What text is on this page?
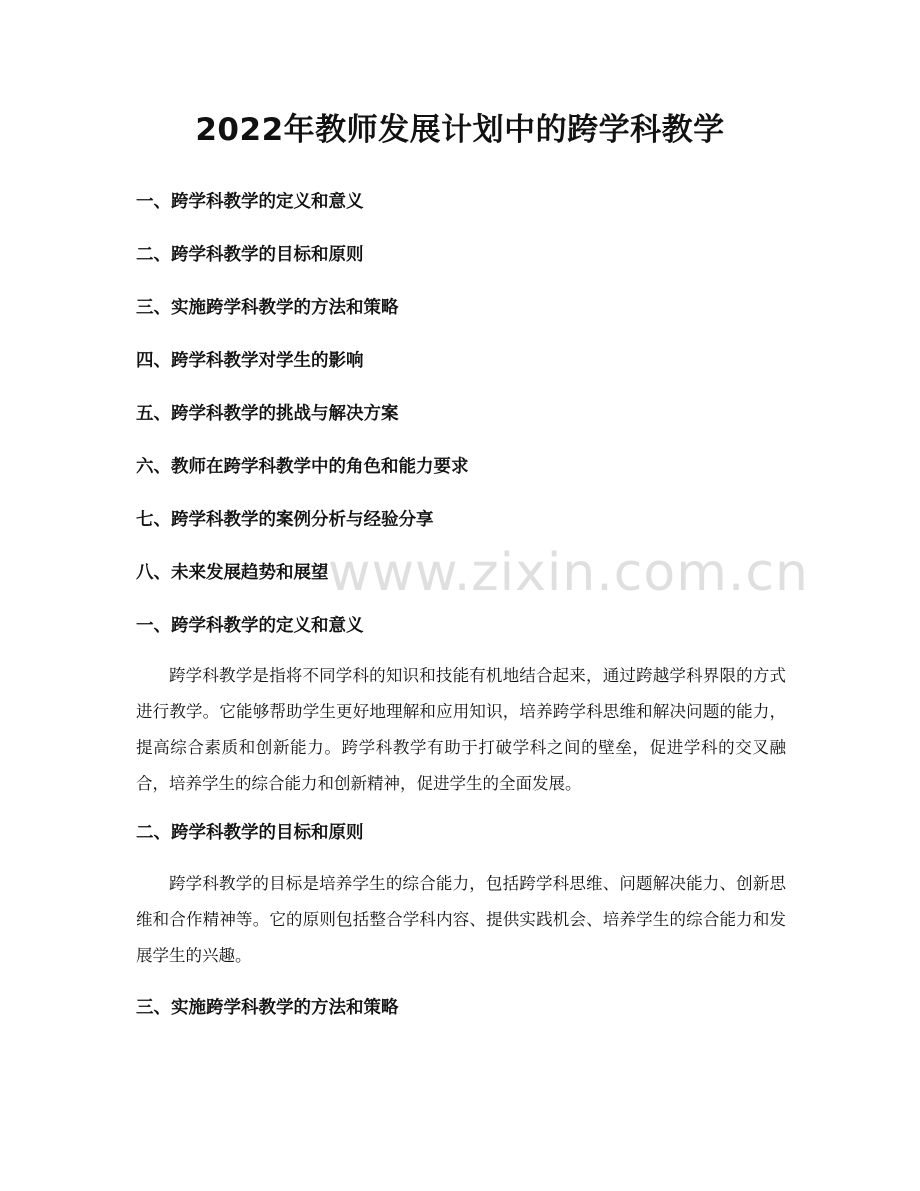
2022年教师发展计划中的跨学科教学

一、跨学科教学的定义和意义

二、跨学科教学的目标和原则

三、实施跨学科教学的方法和策略

四、跨学科教学对学生的影响

五、跨学科教学的挑战与解决方案

六、教师在跨学科教学中的角色和能力要求

七、跨学科教学的案例分析与经验分享

八、未来发展趋势和展望

一、跨学科教学的定义和意义

跨学科教学是指将不同学科的知识和技能有机地结合起来，通过跨越学科界限的方式进行教学。它能够帮助学生更好地理解和应用知识，培养跨学科思维和解决问题的能力，提高综合素质和创新能力。跨学科教学有助于打破学科之间的壁垒，促进学科的交叉融合，培养学生的综合能力和创新精神，促进学生的全面发展。

二、跨学科教学的目标和原则

跨学科教学的目标是培养学生的综合能力，包括跨学科思维、问题解决能力、创新思维和合作精神等。它的原则包括整合学科内容、提供实践机会、培养学生的综合能力和发展学生的兴趣。

三、实施跨学科教学的方法和策略

www.zixin.com.cn
